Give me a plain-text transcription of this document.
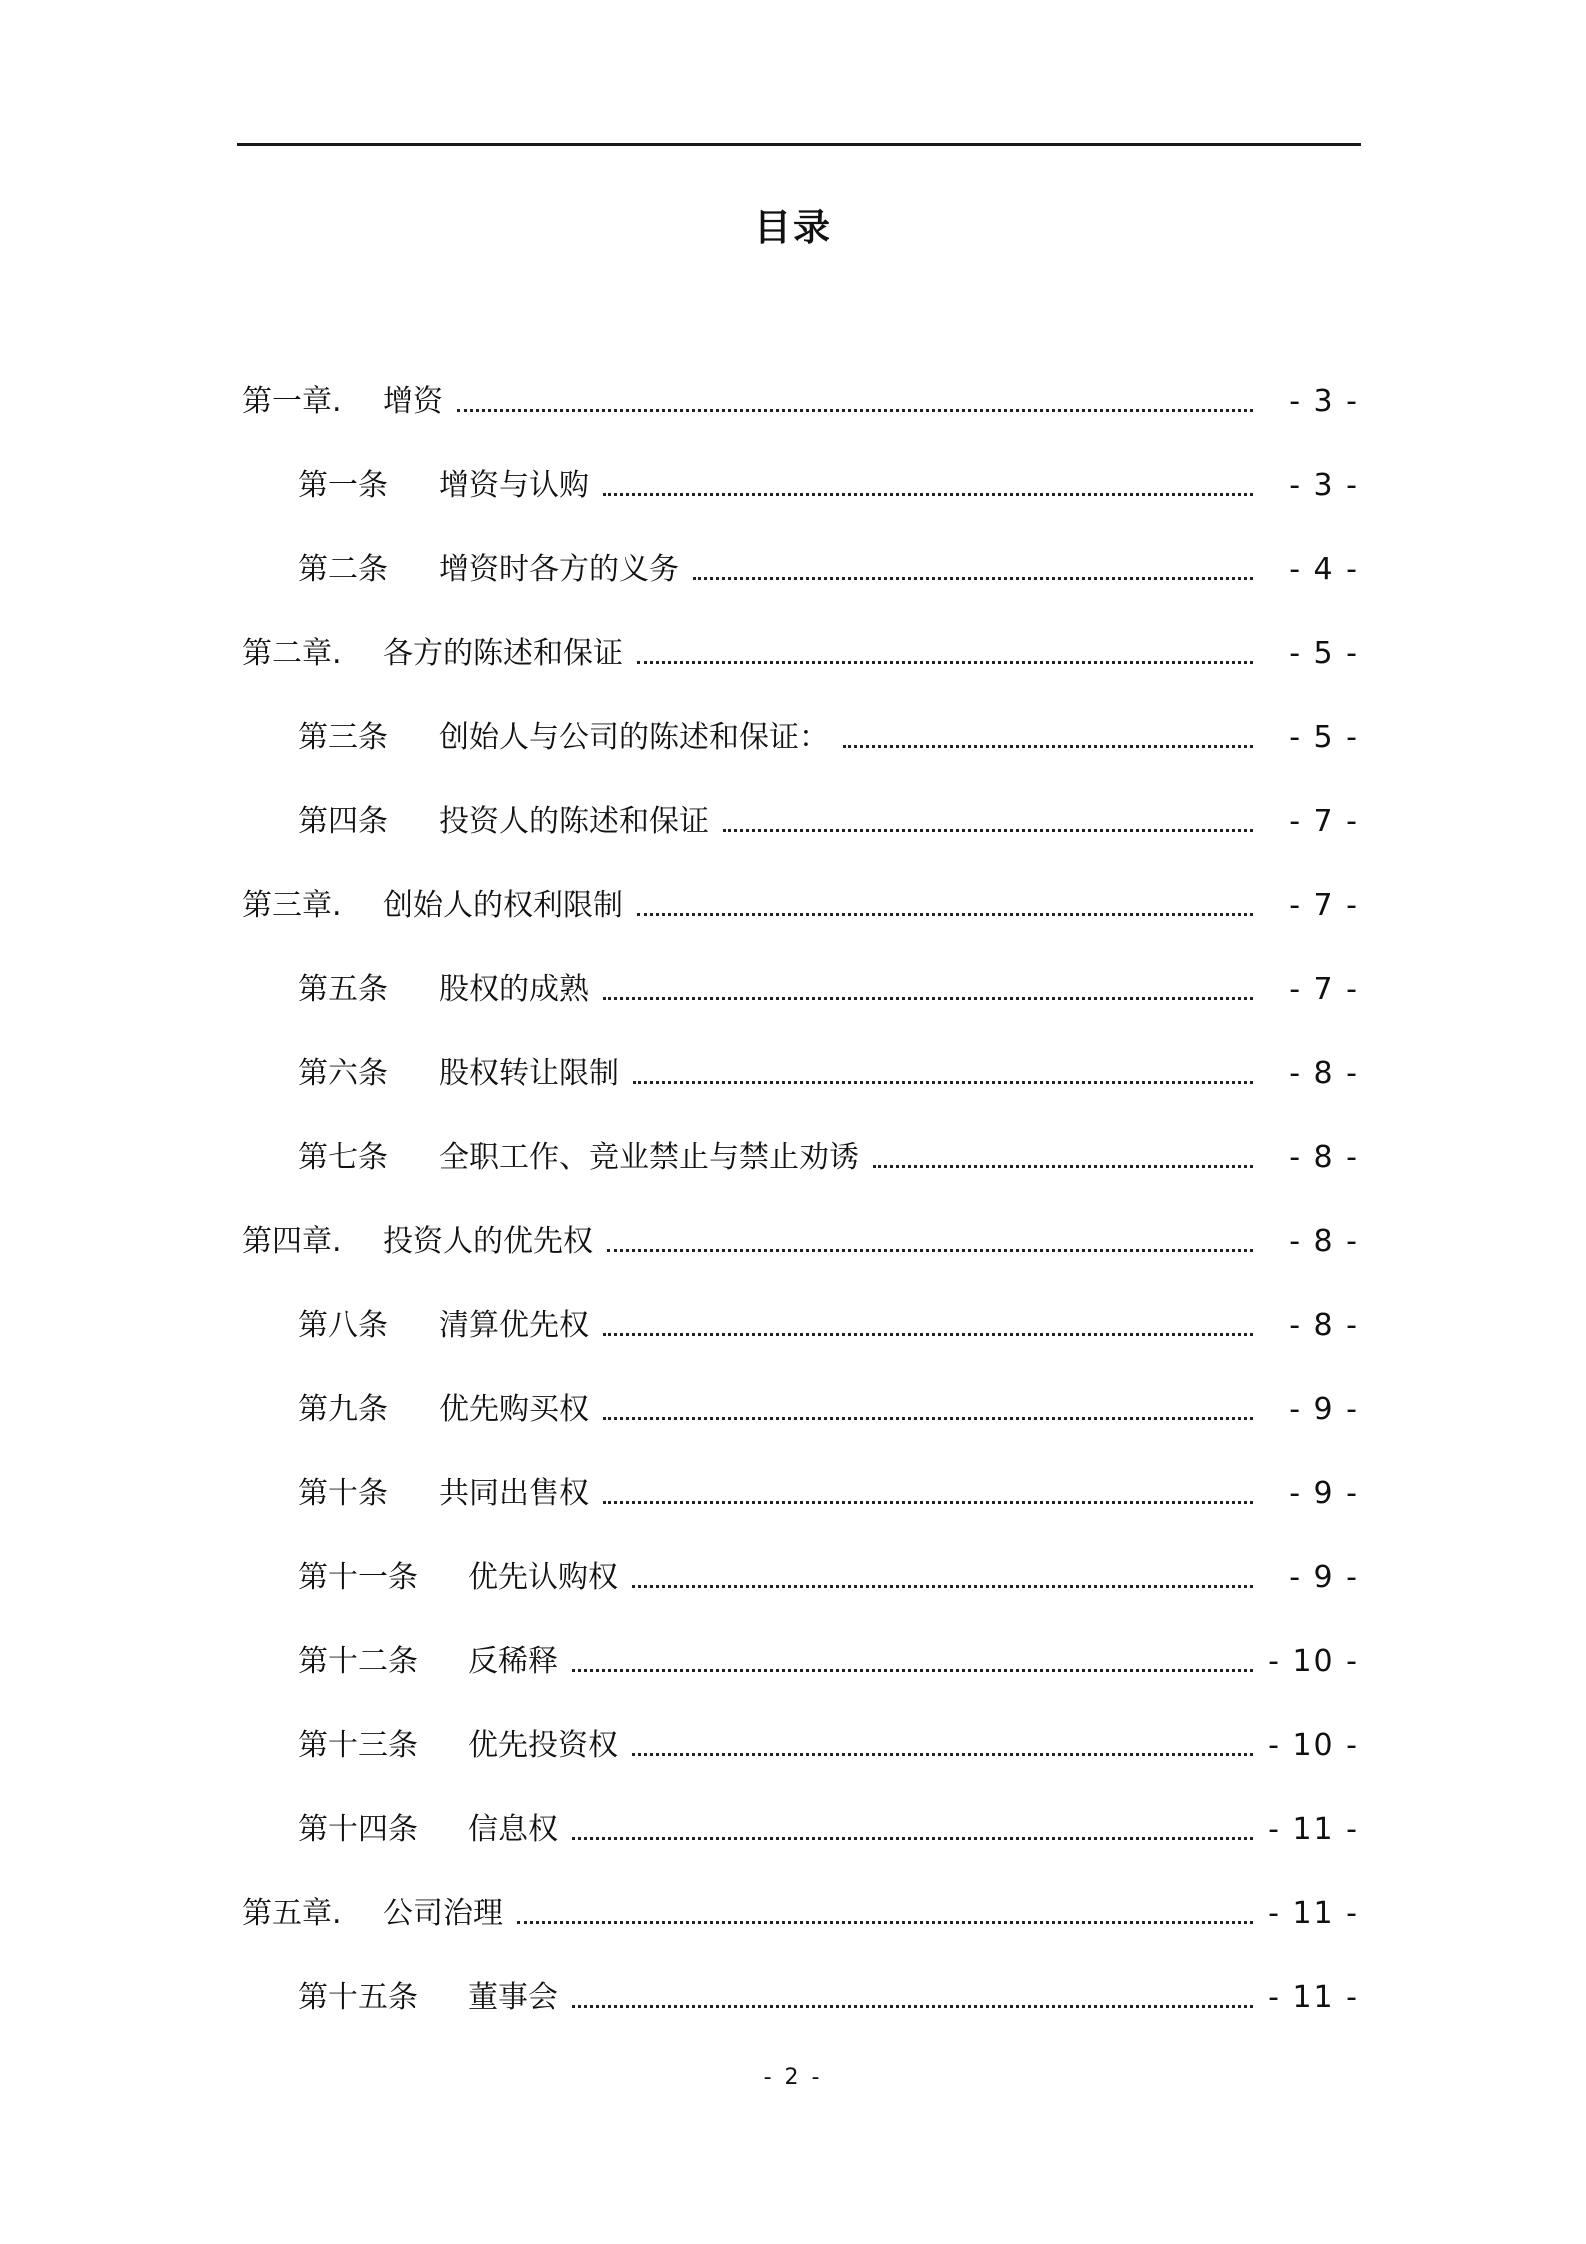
目录
第一章.	增资	- 3 -
第一条	增资与认购	- 3 -
第二条	增资时各方的义务	- 4 -
第二章.	各方的陈述和保证	- 5 -
第三条	创始人与公司的陈述和保证：	- 5 -
第四条	投资人的陈述和保证	- 7 -
第三章.	创始人的权利限制	- 7 -
第五条	股权的成熟	- 7 -
第六条	股权转让限制	- 8 -
第七条	全职工作、竞业禁止与禁止劝诱	- 8 -
第四章.	投资人的优先权	- 8 -
第八条	清算优先权	- 8 -
第九条	优先购买权	- 9 -
第十条	共同出售权	- 9 -
第十一条	优先认购权	- 9 -
第十二条	反稀释	- 10 -
第十三条	优先投资权	- 10 -
第十四条	信息权	- 11 -
第五章.	公司治理	- 11 -
第十五条	董事会	- 11 -
- 2 -
